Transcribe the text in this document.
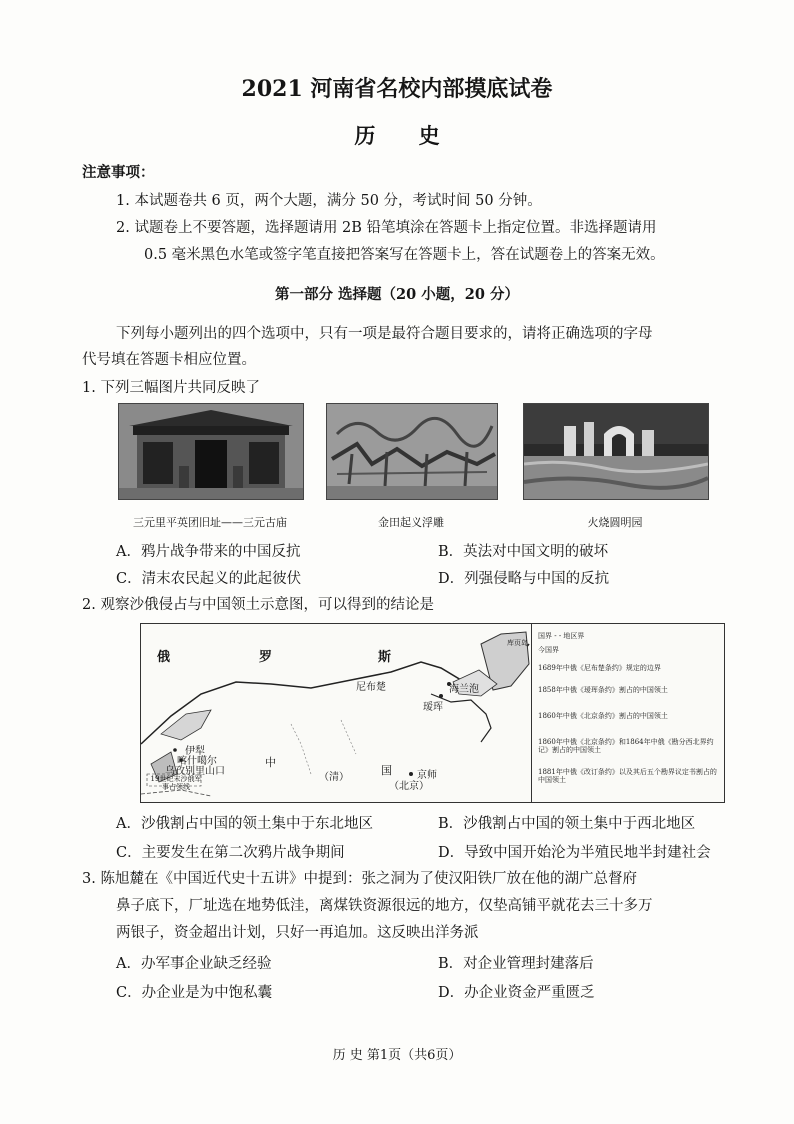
2021 河南省名校内部摸底试卷
历 史
注意事项：
1. 本试题卷共 6 页，两个大题，满分 50 分，考试时间 50 分钟。
2. 试题卷上不要答题，选择题请用 2B 铅笔填涂在答题卡上指定位置。非选择题请用
0.5 毫米黑色水笔或签字笔直接把答案写在答题卡上，答在试题卷上的答案无效。
第一部分 选择题（20 小题，20 分）
下列每小题列出的四个选项中，只有一项是最符合题目要求的，请将正确选项的字母
代号填在答题卡相应位置。
1. 下列三幅图片共同反映了
三元里平英团旧址——三元古庙	金田起义浮雕	火烧圆明园
A．鸦片战争带来的中国反抗	B．英法对中国文明的破坏
C．清末农民起义的此起彼伏	D．列强侵略与中国的反抗
2. 观察沙俄侵占与中国领土示意图，可以得到的结论是
俄	罗	斯
尼布楚	海兰泡
瑷珲
库页岛
伊犁
喀什噶尔
乌孜别里山口
19世纪末沙俄军事占领线
中
国
（清）	京师
（北京）
国界 - - 地区界
今国界
1689年中俄《尼布楚条约》规定的边界
1858年中俄《瑷珲条约》割占的中国领土
1860年中俄《北京条约》割占的中国领土
1860年中俄《北京条约》和1864年中俄《勘分西北界约记》割占的中国领土
1881年中俄《改订条约》以及其后五个勘界议定书割占的中国领土
A．沙俄割占中国的领土集中于东北地区	B．沙俄割占中国的领土集中于西北地区
C．主要发生在第二次鸦片战争期间	D．导致中国开始沦为半殖民地半封建社会
3. 陈旭麓在《中国近代史十五讲》中提到：张之洞为了使汉阳铁厂放在他的湖广总督府
鼻子底下，厂址选在地势低洼，离煤铁资源很远的地方，仅垫高铺平就花去三十多万
两银子，资金超出计划，只好一再追加。这反映出洋务派
A．办军事企业缺乏经验	B．对企业管理封建落后
C．办企业是为中饱私囊	D．办企业资金严重匮乏
历 史 第1页（共6页）
